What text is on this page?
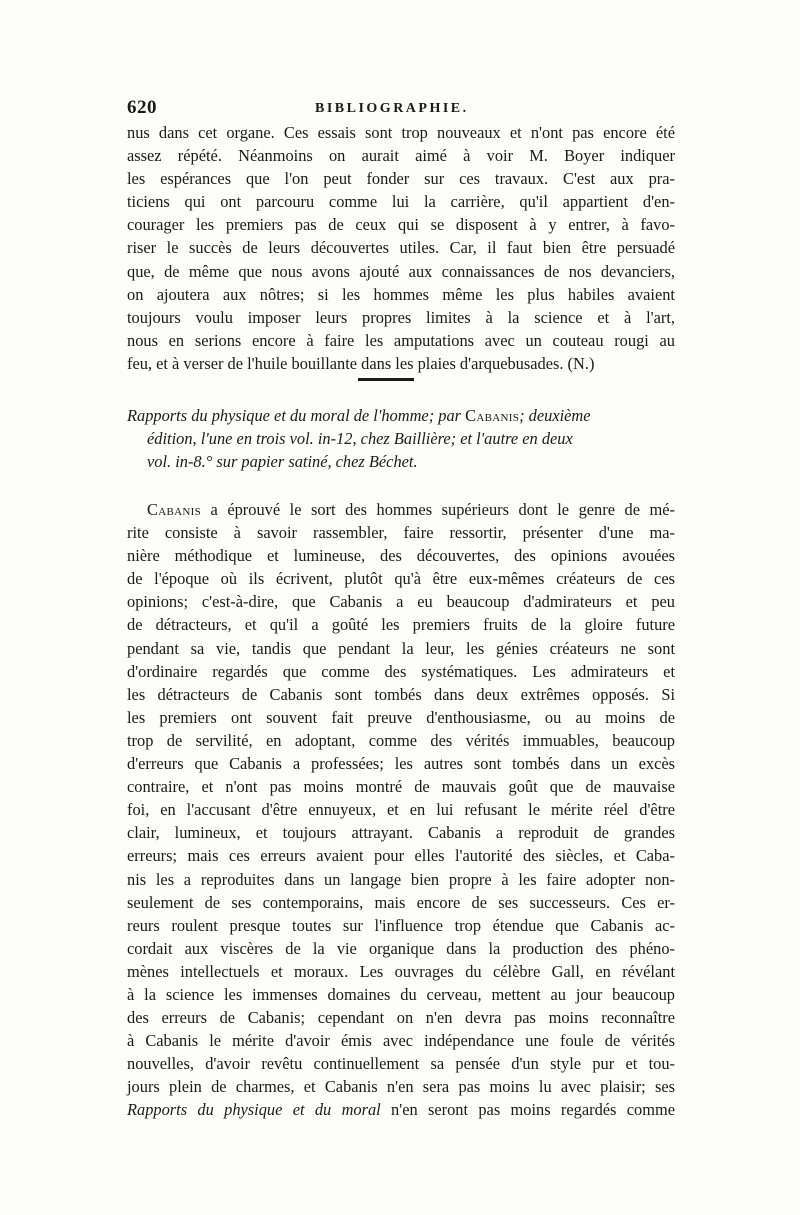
620	BIBLIOGRAPHIE.
nus dans cet organe. Ces essais sont trop nouveaux et n'ont pas encore été
assez répété. Néanmoins on aurait aimé à voir M. Boyer indiquer
les espérances que l'on peut fonder sur ces travaux. C'est aux pra-
ticiens qui ont parcouru comme lui la carrière, qu'il appartient d'en-
courager les premiers pas de ceux qui se disposent à y entrer, à favo-
riser le succès de leurs découvertes utiles. Car, il faut bien être persuadé
que, de même que nous avons ajouté aux connaissances de nos devanciers,
on ajoutera aux nôtres; si les hommes même les plus habiles avaient
toujours voulu imposer leurs propres limites à la science et à l'art,
nous en serions encore à faire les amputations avec un couteau rougi au
feu, et à verser de l'huile bouillante dans les plaies d'arquebusades. (N.)
Rapports du physique et du moral de l'homme; par Cabanis; deuxième
édition, l'une en trois vol. in-12, chez Baillière; et l'autre en deux
vol. in-8.° sur papier satiné, chez Béchet.
Cabanis a éprouvé le sort des hommes supérieurs dont le genre de mé-
rite consiste à savoir rassembler, faire ressortir, présenter d'une ma-
nière méthodique et lumineuse, des découvertes, des opinions avouées
de l'époque où ils écrivent, plutôt qu'à être eux-mêmes créateurs de ces
opinions; c'est-à-dire, que Cabanis a eu beaucoup d'admirateurs et peu
de détracteurs, et qu'il a goûté les premiers fruits de la gloire future
pendant sa vie, tandis que pendant la leur, les génies créateurs ne sont
d'ordinaire regardés que comme des systématiques. Les admirateurs et
les détracteurs de Cabanis sont tombés dans deux extrêmes opposés. Si
les premiers ont souvent fait preuve d'enthousiasme, ou au moins de
trop de servilité, en adoptant, comme des vérités immuables, beaucoup
d'erreurs que Cabanis a professées; les autres sont tombés dans un excès
contraire, et n'ont pas moins montré de mauvais goût que de mauvaise
foi, en l'accusant d'être ennuyeux, et en lui refusant le mérite réel d'être
clair, lumineux, et toujours attrayant. Cabanis a reproduit de grandes
erreurs; mais ces erreurs avaient pour elles l'autorité des siècles, et Caba-
nis les a reproduites dans un langage bien propre à les faire adopter non-
seulement de ses contemporains, mais encore de ses successeurs. Ces er-
reurs roulent presque toutes sur l'influence trop étendue que Cabanis ac-
cordait aux viscères de la vie organique dans la production des phéno-
mènes intellectuels et moraux. Les ouvrages du célèbre Gall, en révélant
à la science les immenses domaines du cerveau, mettent au jour beaucoup
des erreurs de Cabanis; cependant on n'en devra pas moins reconnaître
à Cabanis le mérite d'avoir émis avec indépendance une foule de vérités
nouvelles, d'avoir revêtu continuellement sa pensée d'un style pur et tou-
jours plein de charmes, et Cabanis n'en sera pas moins lu avec plaisir; ses
Rapports du physique et du moral n'en seront pas moins regardés comme
